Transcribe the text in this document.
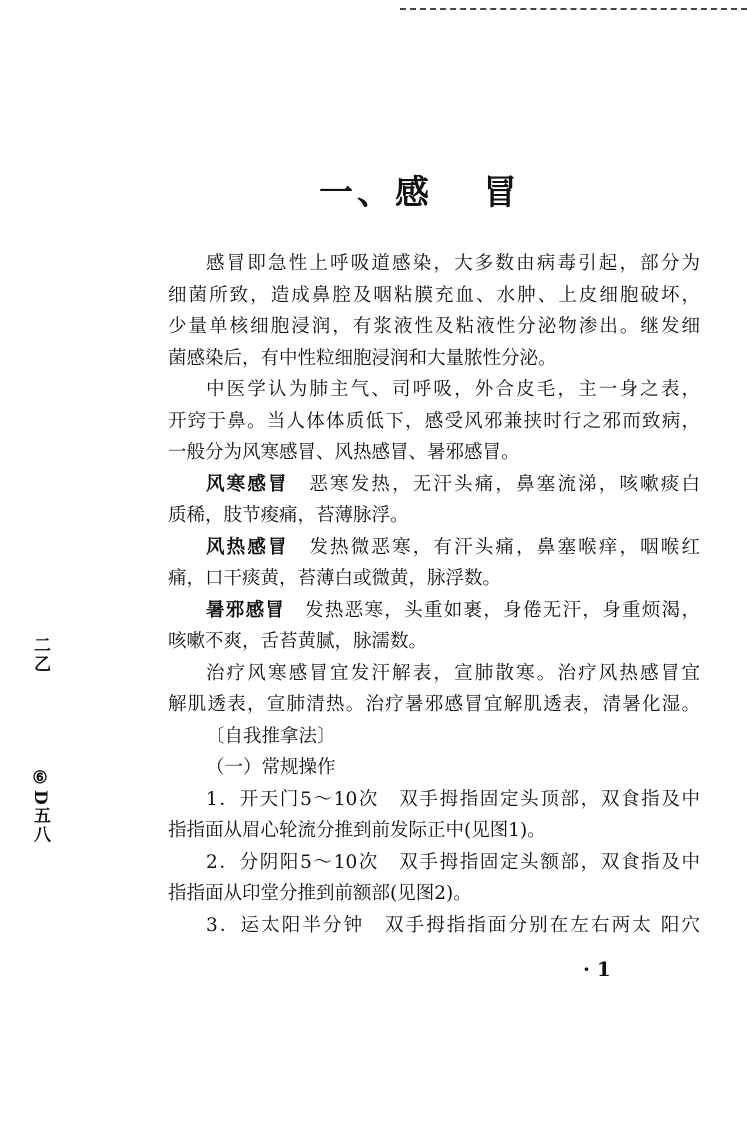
一、感 冒
感冒即急性上呼吸道感染，大多数由病毒引起，部分为
细菌所致，造成鼻腔及咽粘膜充血、水肿、上皮细胞破坏，
少量单核细胞浸润，有浆液性及粘液性分泌物渗出。继发细
菌感染后，有中性粒细胞浸润和大量脓性分泌。
中医学认为肺主气、司呼吸，外合皮毛，主一身之表，
开窍于鼻。当人体体质低下，感受风邪兼挟时行之邪而致病，
一般分为风寒感冒、风热感冒、暑邪感冒。
风寒感冒　恶寒发热，无汗头痛，鼻塞流涕，咳嗽痰白
质稀，肢节痠痛，苔薄脉浮。
风热感冒　发热微恶寒，有汗头痛，鼻塞喉痒，咽喉红
痛，口干痰黄，苔薄白或微黄，脉浮数。
暑邪感冒　发热恶寒，头重如裹，身倦无汗，身重烦渴，
咳嗽不爽，舌苔黄腻，脉濡数。
治疗风寒感冒宜发汗解表，宣肺散寒。治疗风热感冒宜
解肌透表，宣肺清热。治疗暑邪感冒宜解肌透表，清暑化湿。
〔自我推拿法〕
（一）常规操作
1．开天门5～10次　双手拇指固定头顶部，双食指及中
指指面从眉心轮流分推到前发际正中(见图1)。
2．分阴阳5～10次　双手拇指固定头额部，双食指及中
指指面从印堂分推到前额部(见图2)。
3．运太阳半分钟　双手拇指指面分别在左右两太 阳穴
二乙
⑥D五八
· 1
